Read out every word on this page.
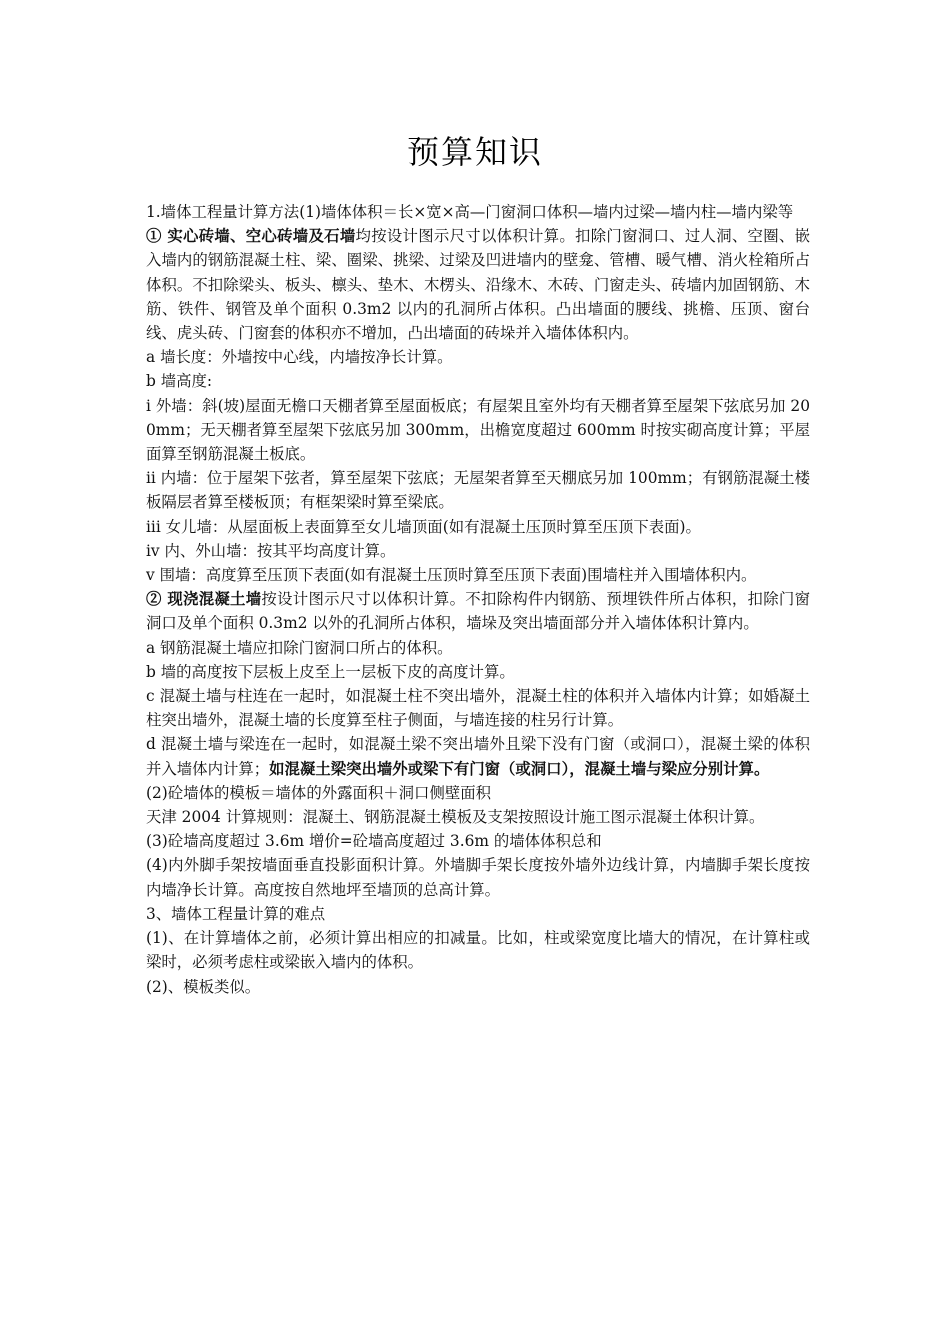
预算知识

1.墙体工程量计算方法(1)墙体体积＝长×宽×高—门窗洞口体积—墙内过梁—墙内柱—墙内梁等

① 实心砖墙、空心砖墙及石墙均按设计图示尺寸以体积计算。扣除门窗洞口、过人洞、空圈、嵌入墙内的钢筋混凝土柱、梁、圈梁、挑梁、过梁及凹进墙内的壁龛、管槽、暖气槽、消火栓箱所占体积。不扣除梁头、板头、檩头、垫木、木楞头、沿缘木、木砖、门窗走头、砖墙内加固钢筋、木筋、铁件、钢管及单个面积 0.3m2 以内的孔洞所占体积。凸出墙面的腰线、挑檐、压顶、窗台线、虎头砖、门窗套的体积亦不增加，凸出墙面的砖垛并入墙体体积内。

a 墙长度：外墙按中心线，内墙按净长计算。

b 墙高度:

i 外墙：斜(坡)屋面无檐口天棚者算至屋面板底；有屋架且室外均有天棚者算至屋架下弦底另加 200mm；无天棚者算至屋架下弦底另加 300mm，出檐宽度超过 600mm 时按实砌高度计算；平屋面算至钢筋混凝土板底。

ii 内墙：位于屋架下弦者，算至屋架下弦底；无屋架者算至天棚底另加 100mm；有钢筋混凝土楼板隔层者算至楼板顶；有框架梁时算至梁底。

iii 女儿墙：从屋面板上表面算至女儿墙顶面(如有混凝土压顶时算至压顶下表面)。

iv 内、外山墙：按其平均高度计算。

v 围墙：高度算至压顶下表面(如有混凝土压顶时算至压顶下表面)围墙柱并入围墙体积内。

② 现浇混凝土墙按设计图示尺寸以体积计算。不扣除构件内钢筋、预埋铁件所占体积，扣除门窗洞口及单个面积 0.3m2 以外的孔洞所占体积，墙垛及突出墙面部分并入墙体体积计算内。

a 钢筋混凝土墙应扣除门窗洞口所占的体积。

b 墙的高度按下层板上皮至上一层板下皮的高度计算。

c 混凝土墙与柱连在一起时，如混凝土柱不突出墙外，混凝土柱的体积并入墙体内计算；如婚凝土柱突出墙外，混凝土墙的长度算至柱子侧面，与墙连接的柱另行计算。

d 混凝土墙与梁连在一起时，如混凝土梁不突出墙外且梁下没有门窗（或洞口），混凝土梁的体积并入墙体内计算；如混凝土梁突出墙外或梁下有门窗（或洞口），混凝土墙与梁应分别计算。

(2)砼墙体的模板＝墙体的外露面积＋洞口侧壁面积

天津 2004 计算规则：混凝土、钢筋混凝土模板及支架按照设计施工图示混凝土体积计算。

(3)砼墙高度超过 3.6m 增价=砼墙高度超过 3.6m 的墙体体积总和

(4)内外脚手架按墙面垂直投影面积计算。外墙脚手架长度按外墙外边线计算，内墙脚手架长度按内墙净长计算。高度按自然地坪至墙顶的总高计算。

3、墙体工程量计算的难点

(1)、在计算墙体之前，必须计算出相应的扣减量。比如，柱或梁宽度比墙大的情况，在计算柱或梁时，必须考虑柱或梁嵌入墙内的体积。

(2)、模板类似。
